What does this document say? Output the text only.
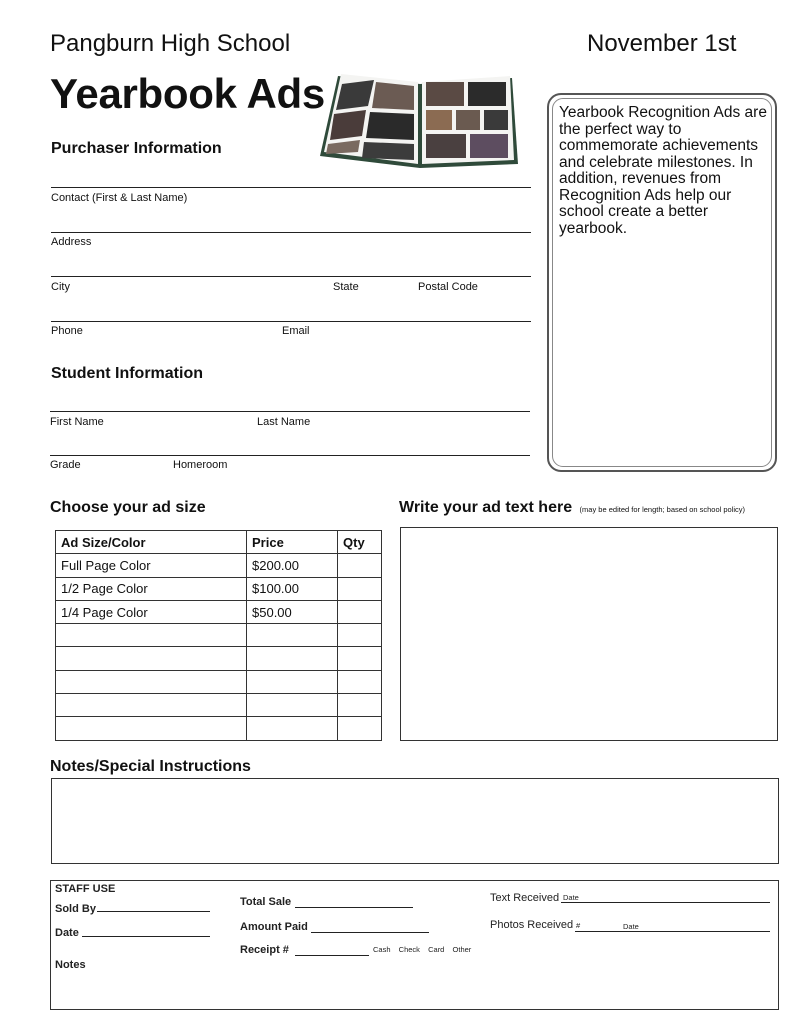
Pangburn High School	November 1st
Yearbook Ads
Purchaser Information
Contact (First & Last Name)
Address
City	State	Postal Code
Phone	Email
Student Information
First Name	Last Name
Grade	Homeroom
Yearbook Recognition Ads are the perfect way to commemorate achievements and celebrate milestones. In addition, revenues from Recognition Ads help our school create a better yearbook.
Choose your ad size
Ad Size/Color	Price	Qty
Full Page Color	$200.00	
1/2 Page Color	$100.00	
1/4 Page Color	$50.00	

Write your ad text here (may be edited for length; based on school policy)
Notes/Special Instructions
STAFF USE
Sold By
Date
Notes
Total Sale
Amount Paid
Receipt #	Cash  Check  Card  Other
Text Received Date
Photos Received #	Date
